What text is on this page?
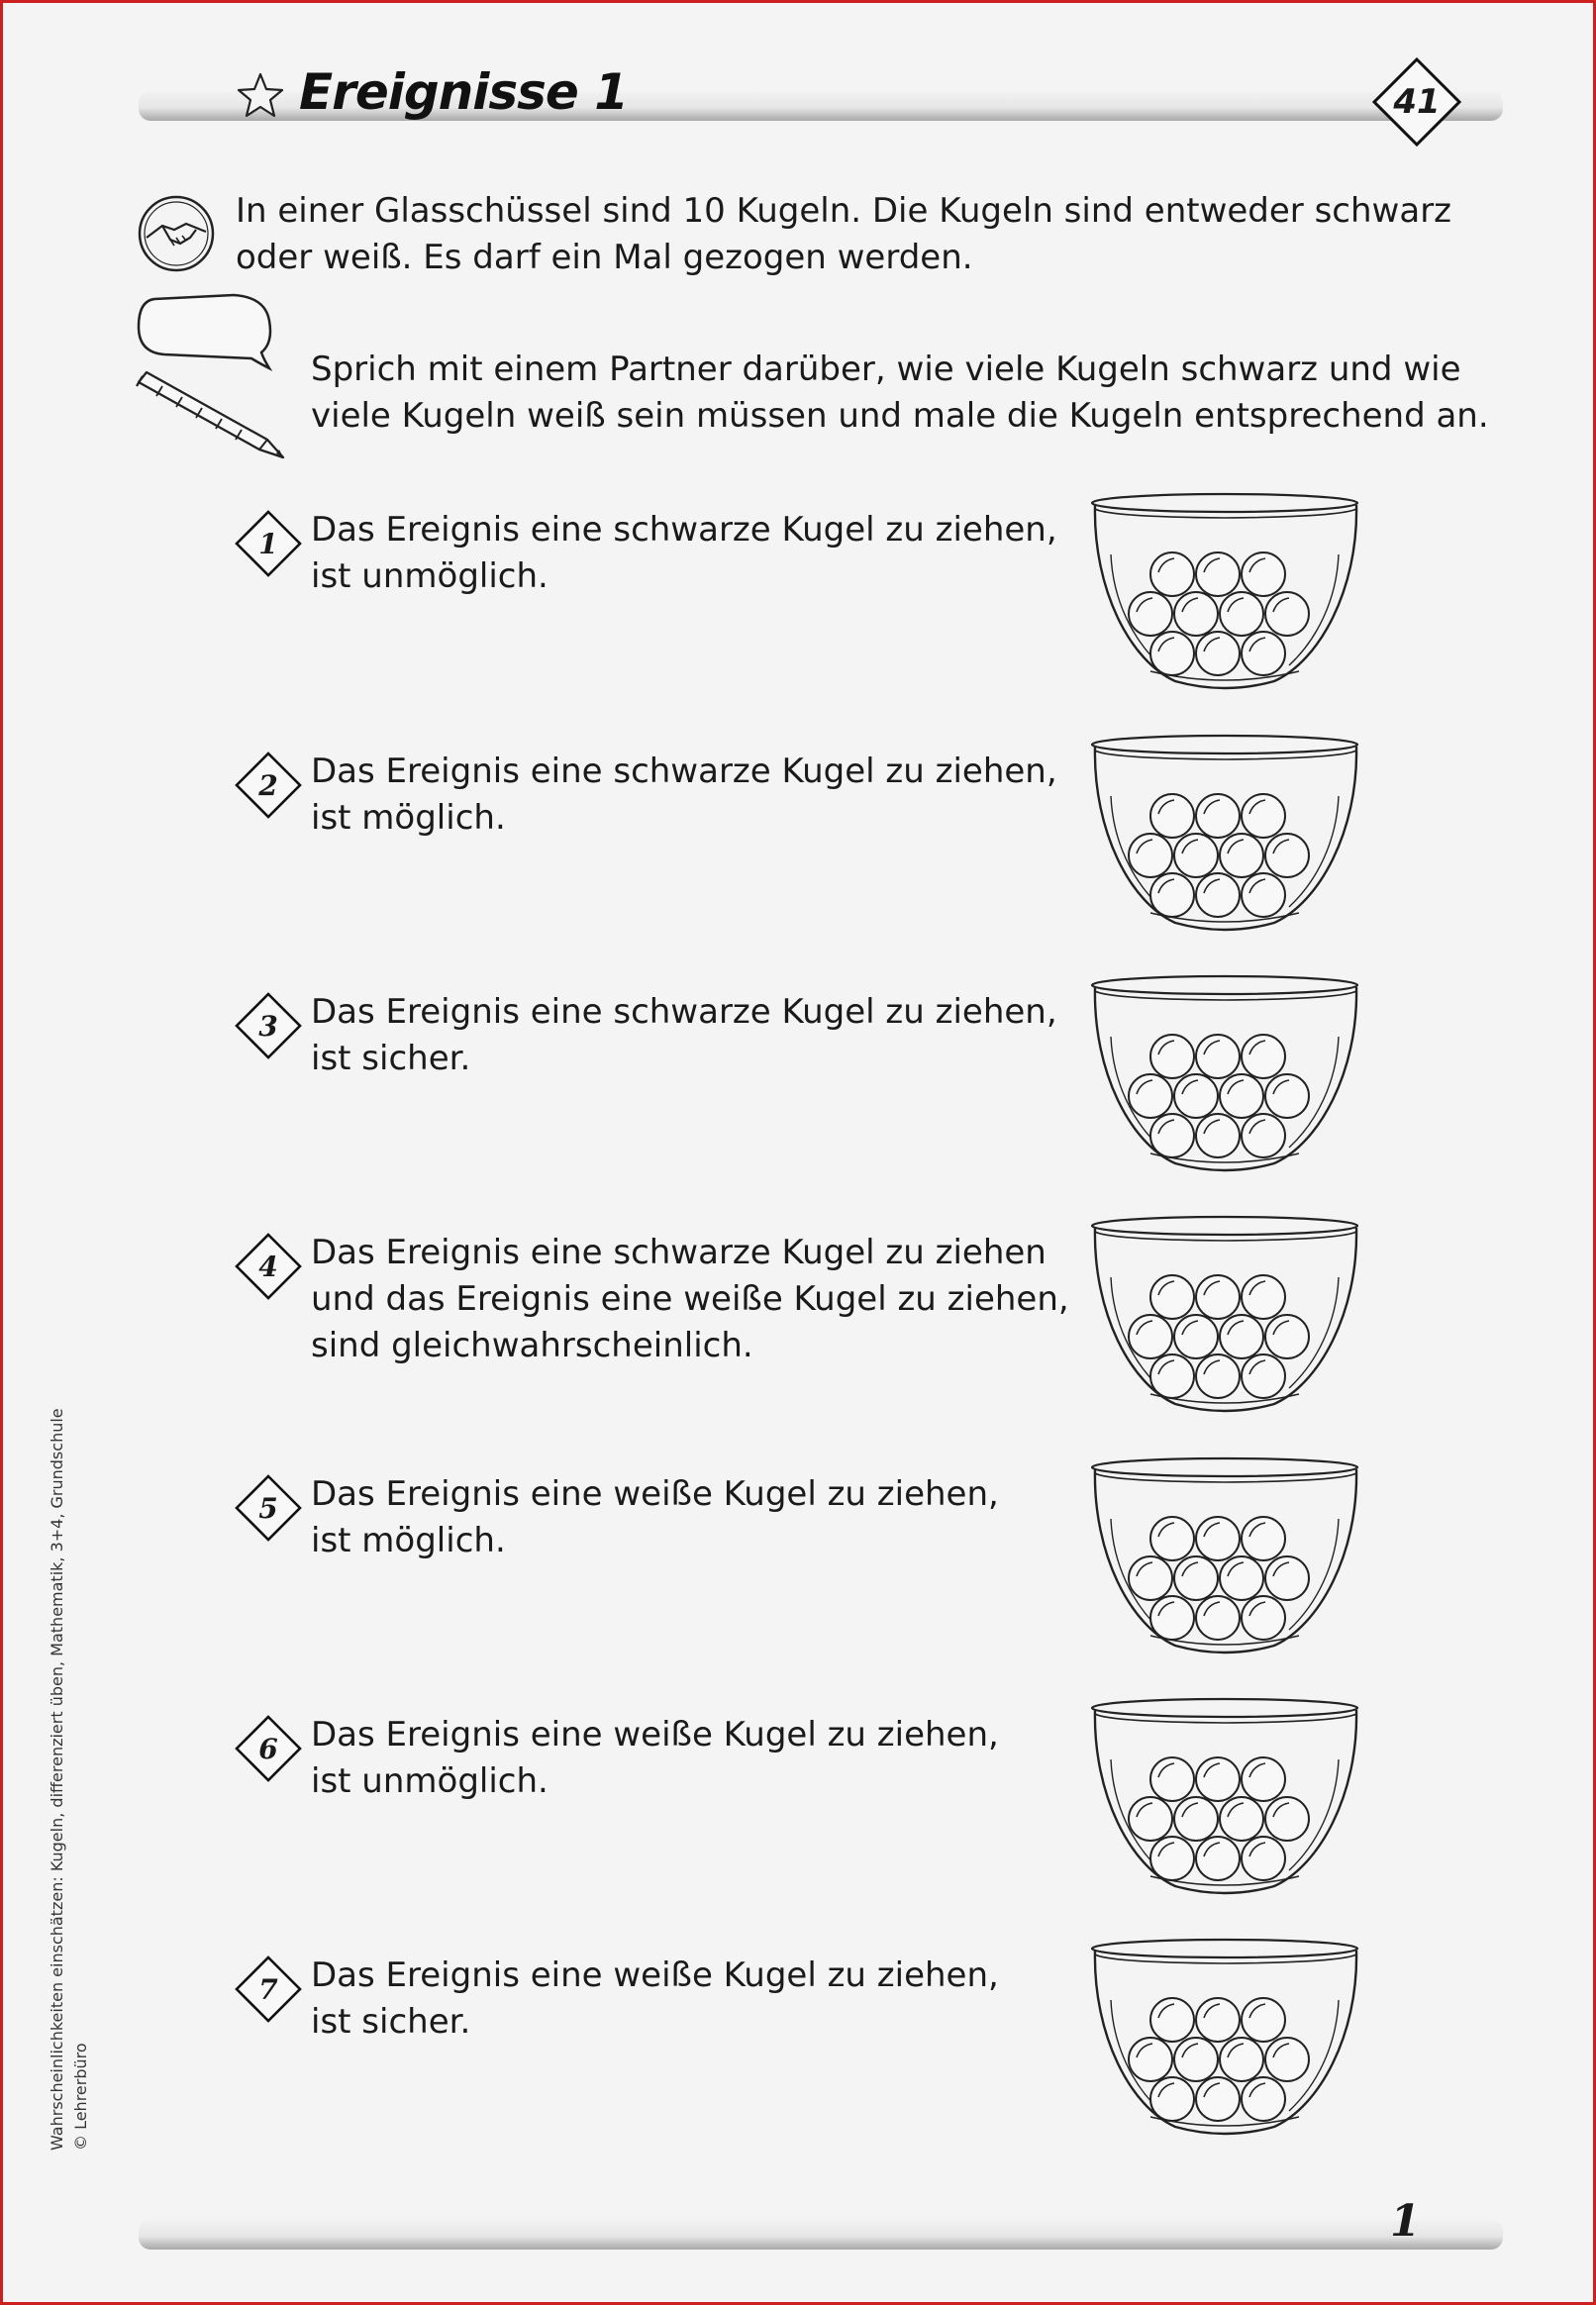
Ereignisse 1	41

In einer Glasschüssel sind 10 Kugeln. Die Kugeln sind entweder schwarz oder weiß. Es darf ein Mal gezogen werden.

Sprich mit einem Partner darüber, wie viele Kugeln schwarz und wie viele Kugeln weiß sein müssen und male die Kugeln entsprechend an.

1 Das Ereignis eine schwarze Kugel zu ziehen,
ist unmöglich.

2 Das Ereignis eine schwarze Kugel zu ziehen,
ist möglich.

3 Das Ereignis eine schwarze Kugel zu ziehen,
ist sicher.

4 Das Ereignis eine schwarze Kugel zu ziehen
und das Ereignis eine weiße Kugel zu ziehen,
sind gleichwahrscheinlich.

5 Das Ereignis eine weiße Kugel zu ziehen,
ist möglich.

6 Das Ereignis eine weiße Kugel zu ziehen,
ist unmöglich.

7 Das Ereignis eine weiße Kugel zu ziehen,
ist sicher.

Wahrscheinlichkeiten einschätzen: Kugeln, differenziert üben, Mathematik, 3+4, Grundschule © Lehrerbüro
1
